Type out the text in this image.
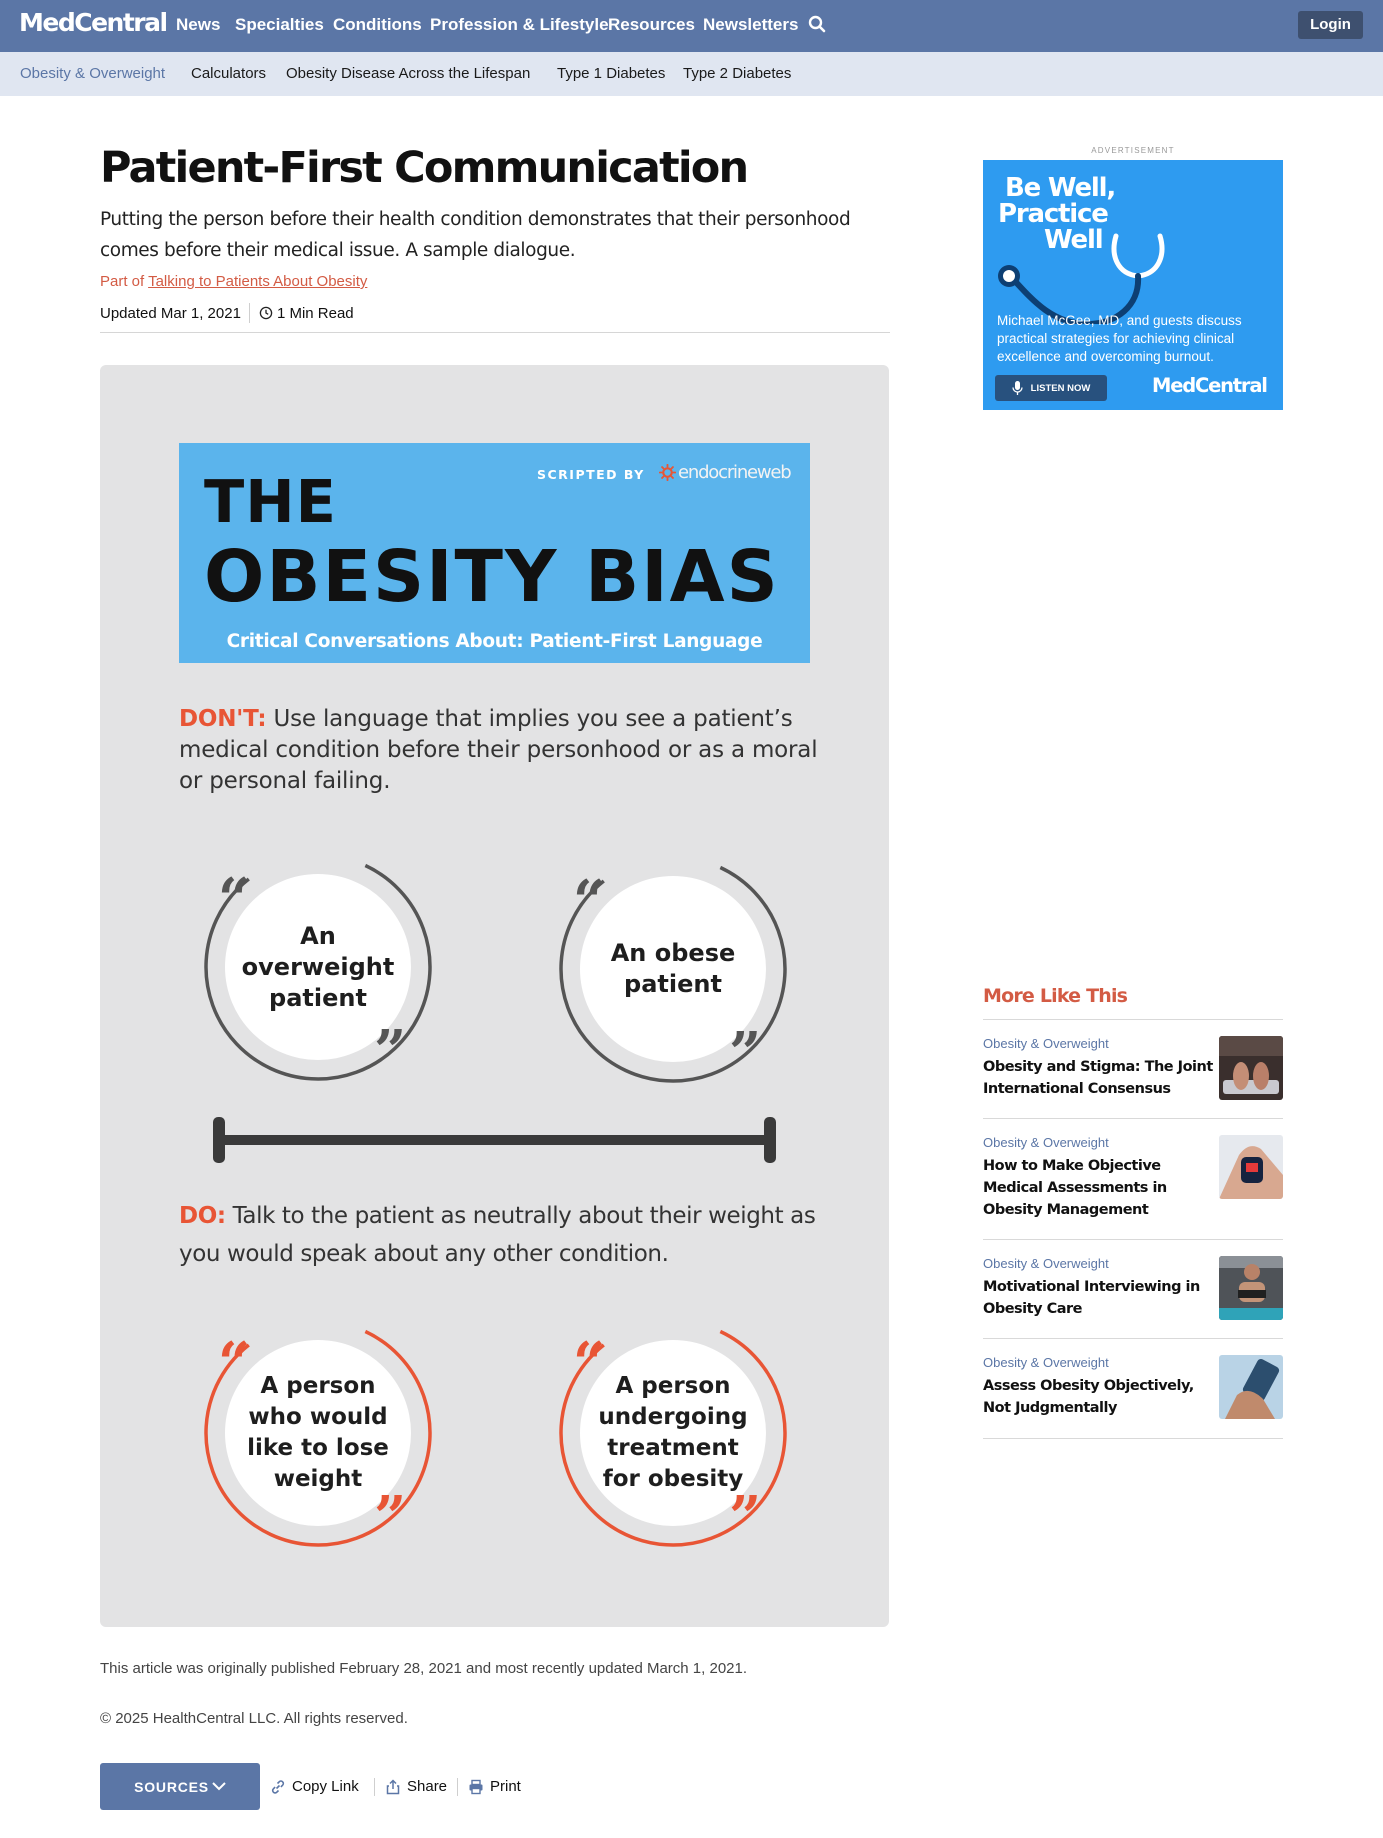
MedCentral News Specialties Conditions Profession & Lifestyle Resources Newsletters	Login
Obesity & Overweight Calculators Obesity Disease Across the Lifespan Type 1 Diabetes Type 2 Diabetes
Patient-First Communication

Putting the person before their health condition demonstrates that their personhood comes before their medical issue. A sample dialogue.

Part of Talking to Patients About Obesity
Updated Mar 1, 2021 1 Min Read
SCRIPTED BY endocrineweb
THE
OBESITY BIAS
Critical Conversations About: Patient-First Language

DON'T: Use language that implies you see a patient’s medical condition before their personhood or as a moral or personal failing.

An overweight patient
“
”
An obese patient
“
”

DO: Talk to the patient as neutrally about their weight as you would speak about any other condition.

A person who would like to lose weight
“
”
A person undergoing treatment for obesity
“
”

This article was originally published February 28, 2021 and most recently updated March 1, 2021.

© 2025 HealthCentral LLC. All rights reserved.

SOURCES	Copy Link	Share	Print
ADVERTISEMENT
Be Well,
Practice
Well

Michael McGee, MD, and guests discuss practical strategies for achieving clinical excellence and overcoming burnout.

LISTEN NOW	MedCentral
More Like This
Obesity & Overweight
Obesity and Stigma: The Joint International Consensus
Obesity & Overweight
How to Make Objective Medical Assessments in Obesity Management
Obesity & Overweight
Motivational Interviewing in Obesity Care
Obesity & Overweight
Assess Obesity Objectively, Not Judgmentally
